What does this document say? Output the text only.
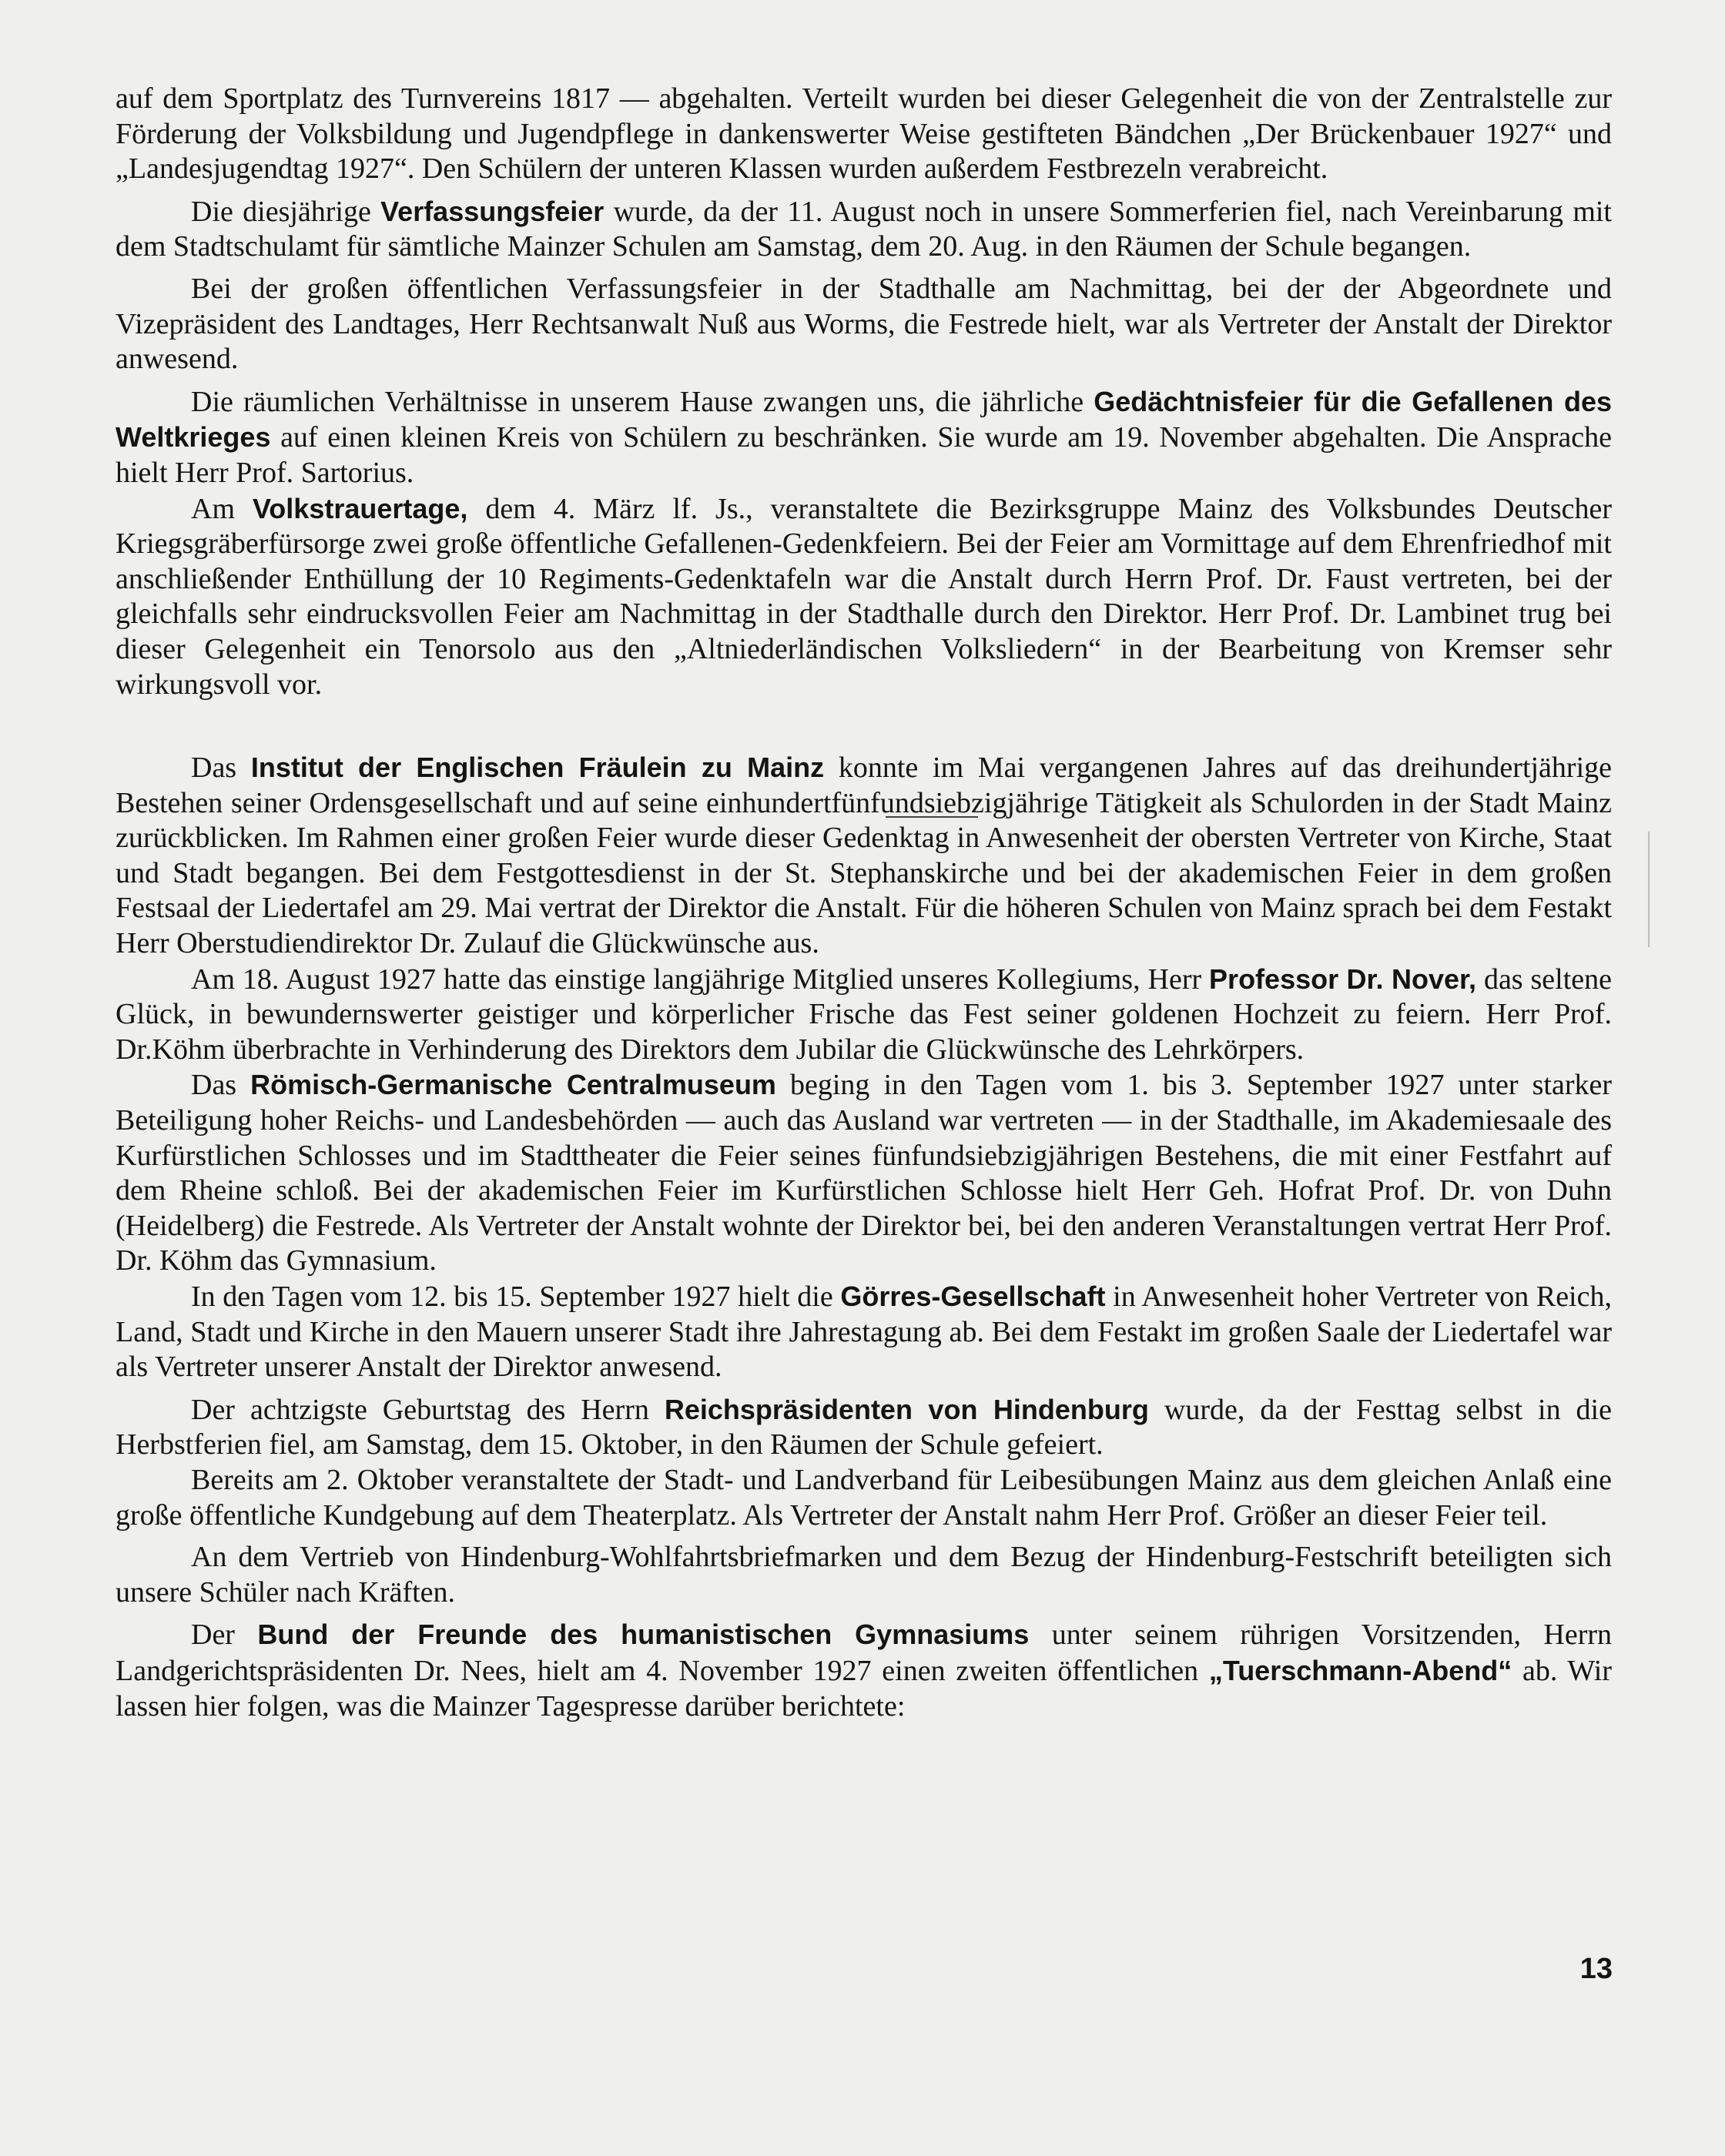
auf dem Sportplatz des Turnvereins 1817 — abgehalten. Verteilt wurden bei dieser Gelegenheit die von der Zentralstelle zur Förderung der Volksbildung und Jugendpflege in dankenswerter Weise gestifteten Bändchen „Der Brückenbauer 1927“ und „Landesjugendtag 1927“. Den Schülern der unteren Klassen wurden außerdem Festbrezeln verabreicht.

Die diesjährige Verfassungsfeier wurde, da der 11. August noch in unsere Sommerferien fiel, nach Vereinbarung mit dem Stadtschulamt für sämtliche Mainzer Schulen am Samstag, dem 20. Aug. in den Räumen der Schule begangen.

Bei der großen öffentlichen Verfassungsfeier in der Stadthalle am Nachmittag, bei der der Abgeordnete und Vizepräsident des Landtages, Herr Rechtsanwalt Nuß aus Worms, die Festrede hielt, war als Vertreter der Anstalt der Direktor anwesend.

Die räumlichen Verhältnisse in unserem Hause zwangen uns, die jährliche Gedächtnisfeier für die Gefallenen des Weltkrieges auf einen kleinen Kreis von Schülern zu beschränken. Sie wurde am 19. November abgehalten. Die Ansprache hielt Herr Prof. Sartorius.

Am Volkstrauertage, dem 4. März lf. Js., veranstaltete die Bezirksgruppe Mainz des Volksbundes Deutscher Kriegsgräberfürsorge zwei große öffentliche Gefallenen-Gedenkfeiern. Bei der Feier am Vormittage auf dem Ehrenfriedhof mit anschließender Enthüllung der 10 Regiments-Gedenktafeln war die Anstalt durch Herrn Prof. Dr. Faust vertreten, bei der gleichfalls sehr eindrucksvollen Feier am Nachmittag in der Stadthalle durch den Direktor. Herr Prof. Dr. Lambinet trug bei dieser Gelegenheit ein Tenorsolo aus den „Altniederländischen Volksliedern“ in der Bearbeitung von Kremser sehr wirkungsvoll vor.

Das Institut der Englischen Fräulein zu Mainz konnte im Mai vergangenen Jahres auf das dreihundertjährige Bestehen seiner Ordensgesellschaft und auf seine einhundertfünfundsiebzigjährige Tätigkeit als Schulorden in der Stadt Mainz zurückblicken. Im Rahmen einer großen Feier wurde dieser Gedenktag in Anwesenheit der obersten Vertreter von Kirche, Staat und Stadt begangen. Bei dem Festgottesdienst in der St. Stephanskirche und bei der akademischen Feier in dem großen Festsaal der Liedertafel am 29. Mai vertrat der Direktor die Anstalt. Für die höheren Schulen von Mainz sprach bei dem Festakt Herr Oberstudiendirektor Dr. Zulauf die Glückwünsche aus.

Am 18. August 1927 hatte das einstige langjährige Mitglied unseres Kollegiums, Herr Professor Dr. Nover, das seltene Glück, in bewundernswerter geistiger und körperlicher Frische das Fest seiner goldenen Hochzeit zu feiern. Herr Prof. Dr.Köhm überbrachte in Verhinderung des Direktors dem Jubilar die Glückwünsche des Lehrkörpers.

Das Römisch-Germanische Centralmuseum beging in den Tagen vom 1. bis 3. September 1927 unter starker Beteiligung hoher Reichs- und Landesbehörden — auch das Ausland war vertreten — in der Stadthalle, im Akademiesaale des Kurfürstlichen Schlosses und im Stadttheater die Feier seines fünfundsiebzigjährigen Bestehens, die mit einer Festfahrt auf dem Rheine schloß. Bei der akademischen Feier im Kurfürstlichen Schlosse hielt Herr Geh. Hofrat Prof. Dr. von Duhn (Heidelberg) die Festrede. Als Vertreter der Anstalt wohnte der Direktor bei, bei den anderen Veranstaltungen vertrat Herr Prof. Dr. Köhm das Gymnasium.

In den Tagen vom 12. bis 15. September 1927 hielt die Görres-Gesellschaft in Anwesenheit hoher Vertreter von Reich, Land, Stadt und Kirche in den Mauern unserer Stadt ihre Jahrestagung ab. Bei dem Festakt im großen Saale der Liedertafel war als Vertreter unserer Anstalt der Direktor anwesend.

Der achtzigste Geburtstag des Herrn Reichspräsidenten von Hindenburg wurde, da der Festtag selbst in die Herbstferien fiel, am Samstag, dem 15. Oktober, in den Räumen der Schule gefeiert.

Bereits am 2. Oktober veranstaltete der Stadt- und Landverband für Leibesübungen Mainz aus dem gleichen Anlaß eine große öffentliche Kundgebung auf dem Theaterplatz. Als Vertreter der Anstalt nahm Herr Prof. Größer an dieser Feier teil.

An dem Vertrieb von Hindenburg-Wohlfahrtsbriefmarken und dem Bezug der Hindenburg-Festschrift beteiligten sich unsere Schüler nach Kräften.

Der Bund der Freunde des humanistischen Gymnasiums unter seinem rührigen Vorsitzenden, Herrn Landgerichtspräsidenten Dr. Nees, hielt am 4. November 1927 einen zweiten öffentlichen „Tuerschmann-Abend“ ab. Wir lassen hier folgen, was die Mainzer Tagespresse darüber berichtete:

13
